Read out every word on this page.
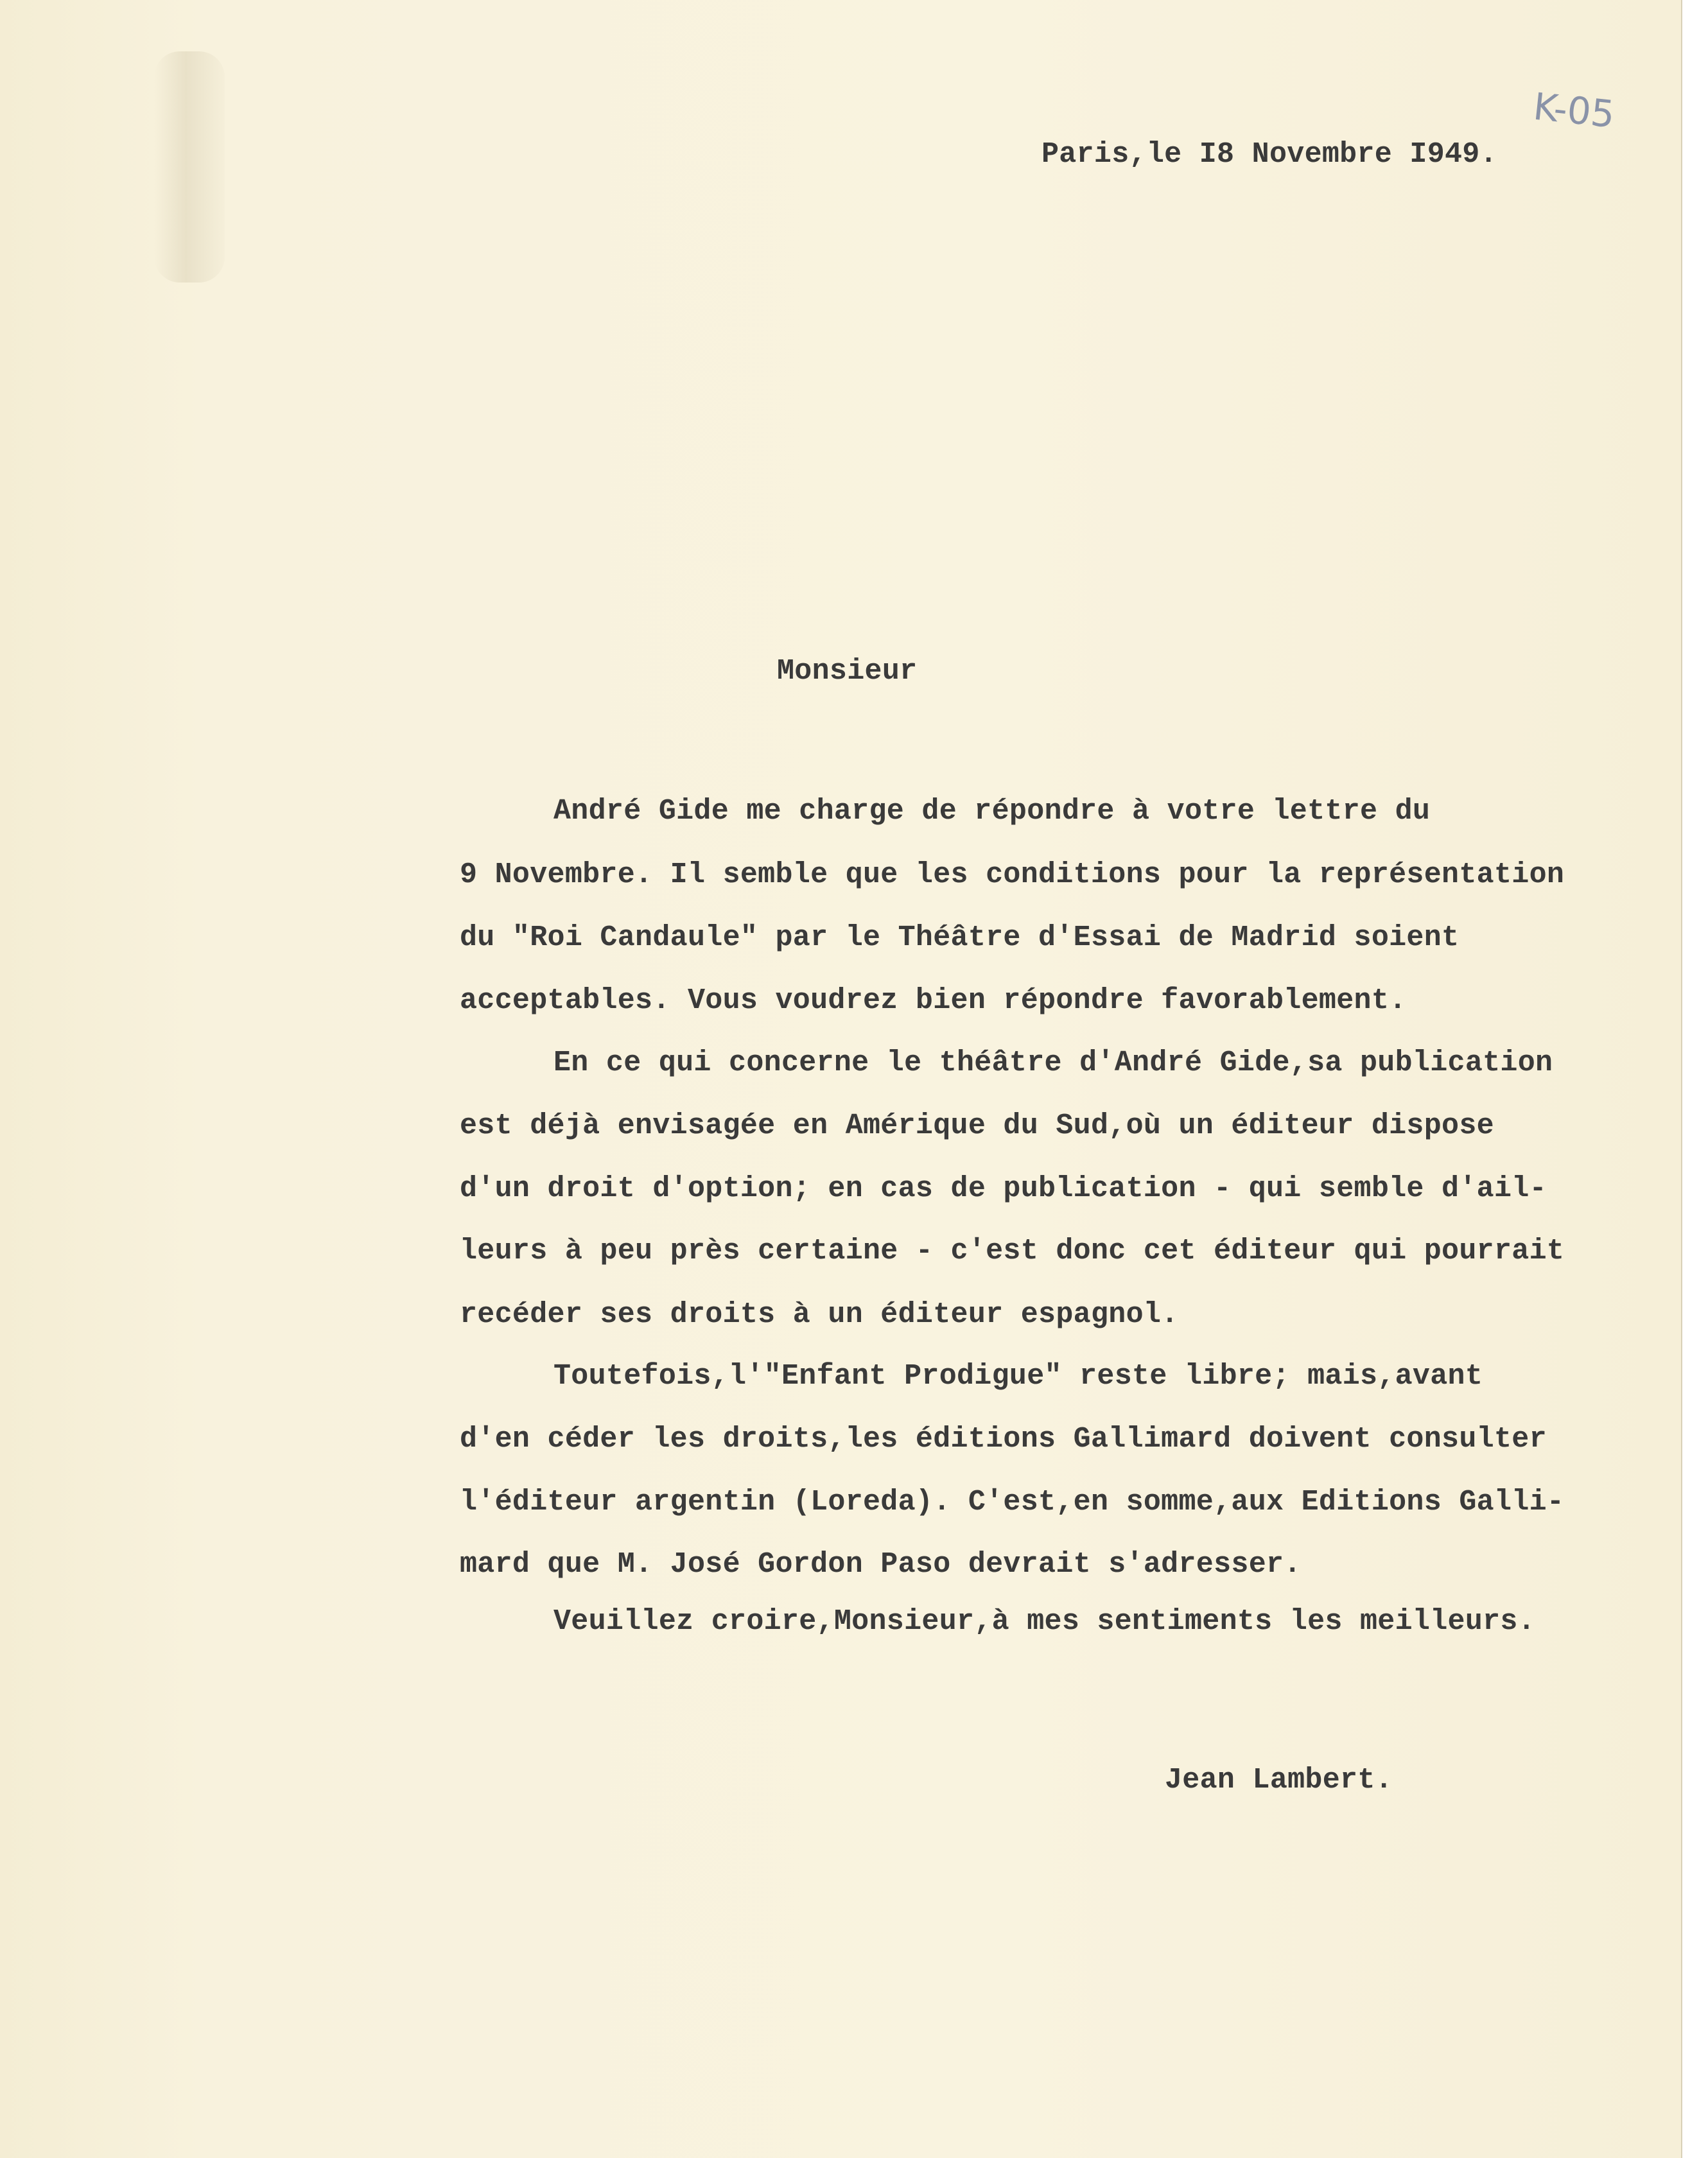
K-05
Paris,le I8 Novembre I949.
Monsieur
André Gide me charge de répondre à votre lettre du
9 Novembre. Il semble que les conditions pour la représentation
du "Roi Candaule" par le Théâtre d'Essai de Madrid soient
acceptables. Vous voudrez bien répondre favorablement.
En ce qui concerne le théâtre d'André Gide,sa publication
est déjà envisagée en Amérique du Sud,où un éditeur dispose
d'un droit d'option; en cas de publication - qui semble d'ail-
leurs à peu près certaine - c'est donc cet éditeur qui pourrait
recéder ses droits à un éditeur espagnol.
Toutefois,l'"Enfant Prodigue" reste libre; mais,avant
d'en céder les droits,les éditions Gallimard doivent consulter
l'éditeur argentin (Loreda). C'est,en somme,aux Editions Galli-
mard que M. José Gordon Paso devrait s'adresser.
Veuillez croire,Monsieur,à mes sentiments les meilleurs.
Jean Lambert.
